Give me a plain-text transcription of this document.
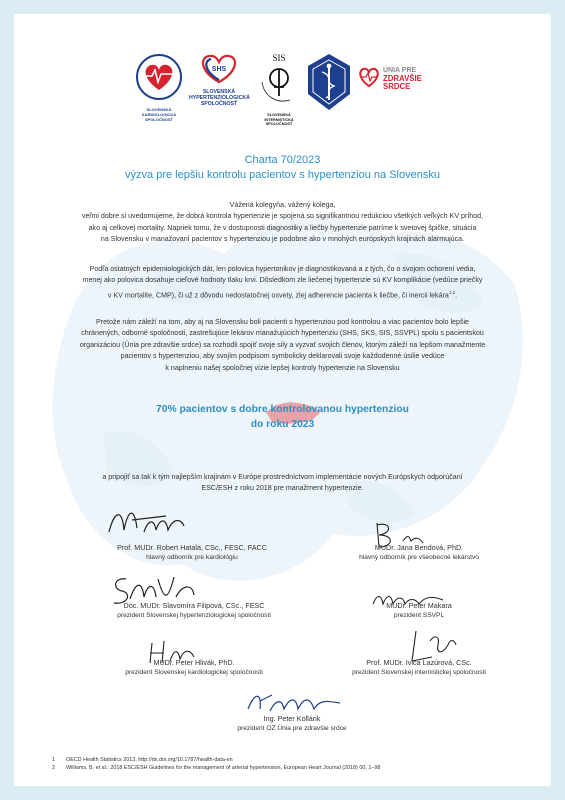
SLOVENSKÁ KARDIOLOGICKÁ SPOLOČNOSŤ
SHS
SLOVENSKÁ HYPERTENZIOLOGICKÁ SPOLOČNOSŤ
SIS
SLOVENSKÁ INTERNISTICKÁ SPOLOČNOSŤ
ÚNIA PRE
ZDRAVŠIE
SRDCE
Charta 70/2023
výzva pre lepšiu kontrolu pacientov s hypertenziou na Slovensku
Vážená kolegyňa, vážený kolega,
veľmi dobre si uvedomujeme, že dobrá kontrola hypertenzie je spojená so signifikantnou redukciou všetkých veľkých KV príhod,
ako aj celkovej mortality. Napriek tomu, že v dostupnosti diagnostiky a liečby hypertenzie patríme k svetovej špičke, situácia
na Slovensku v manažovaní pacientov s hypertenziou je podobne ako v mnohých európskych krajinách alarmujúca.
Podľa ostatných epidemiologických dát, len polovica hypertonikov je diagnostikovaná a z tých, čo o svojom ochorení vedia,
menej ako polovica dosahuje cieľové hodnoty tlaku krvi. Dôsledkom zle liečenej hypertenzie sú KV komplikácie (vedúce priečky
v KV mortalite, CMP), či už z dôvodu nedostatočnej osvety, zlej adherencie pacienta k liečbe, či inercii lekára$^{1,2}$.
Pretože nám záleží na tom, aby aj na Slovensku boli pacienti s hypertenziou pod kontrolou a viac pacientov bolo lepšie
chránených, odborné spoločnosti, zastrešujúce lekárov manažujúcich hypertenziu (SHS, SKS, SIS, SSVPL) spolu s pacientskou
organizáciou (Únia pre zdravšie srdce) sa rozhodli spojiť svoje sily a vyzvať svojich členov, ktorým záleží na lepšom manažmente
pacientov s hypertenziou, aby svojím podpisom symbolicky deklarovali svoje každodenné úsilie vedúce
k naplneniu našej spoločnej vízie lepšej kontroly hypertenzie na Slovensku
70% pacientov s dobre kontrolovanou hypertenziou
do roku 2023
a pripojiť sa tak k tým najlepším krajinám v Európe prostredníctvom implementácie nových Európskych odporúčaní
ESC/ESH z roku 2018 pre manažment hypertenzie.
Prof. MUDr. Robert Hatala, CSc., FESC, FACC
hlavný odborník pre kardiológiu
MUDr. Jana Bendová, PhD.
hlavný odborník pre všeobecné lekárstvo
Doc. MUDr. Slavomíra Filipová, CSc., FESC
prezident Slovenskej hypertenziologickej spoločnosti
MUDr. Peter Makara
prezident SSVPL
MUDr. Peter Hlivák, PhD.
prezident Slovenskej kardiologickej spoločnosti
Prof. MUDr. Ivica Lazúrová, CSc.
prezident Slovenskej internistickej spoločnosti
Ing. Peter Kollárik
prezident OZ Únia pre zdravšie srdce
1 OECD Health Statistics 2013, http://dx.doi.org/10.1787/health-data-en
2 Williams, B. et al.: 2018 ESC/ESH Guidelines for the management of arterial hypertension, European Heart Journal (2018) 00, 1–98
